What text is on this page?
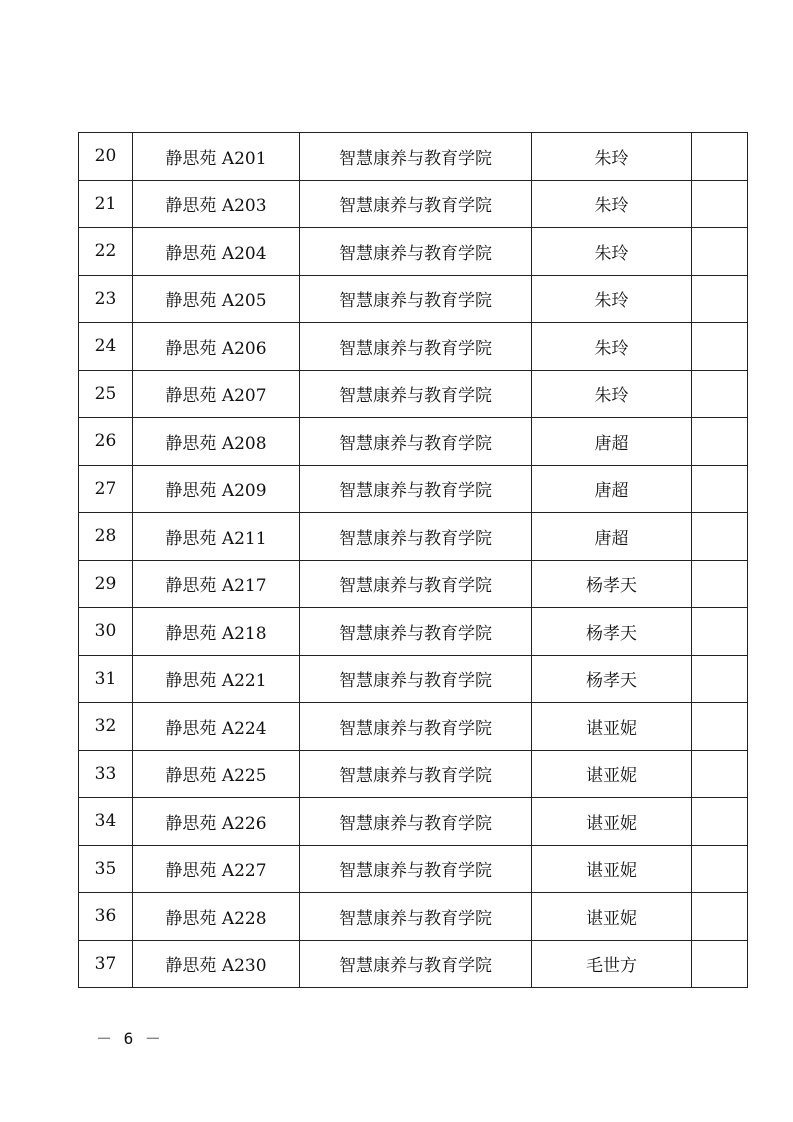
20	静思苑 A201	智慧康养与教育学院	朱玲	
21	静思苑 A203	智慧康养与教育学院	朱玲	
22	静思苑 A204	智慧康养与教育学院	朱玲	
23	静思苑 A205	智慧康养与教育学院	朱玲	
24	静思苑 A206	智慧康养与教育学院	朱玲	
25	静思苑 A207	智慧康养与教育学院	朱玲	
26	静思苑 A208	智慧康养与教育学院	唐超	
27	静思苑 A209	智慧康养与教育学院	唐超	
28	静思苑 A211	智慧康养与教育学院	唐超	
29	静思苑 A217	智慧康养与教育学院	杨孝天	
30	静思苑 A218	智慧康养与教育学院	杨孝天	
31	静思苑 A221	智慧康养与教育学院	杨孝天	
32	静思苑 A224	智慧康养与教育学院	谌亚妮	
33	静思苑 A225	智慧康养与教育学院	谌亚妮	
34	静思苑 A226	智慧康养与教育学院	谌亚妮	
35	静思苑 A227	智慧康养与教育学院	谌亚妮	
36	静思苑 A228	智慧康养与教育学院	谌亚妮	
37	静思苑 A230	智慧康养与教育学院	毛世方	
－ 6 －
